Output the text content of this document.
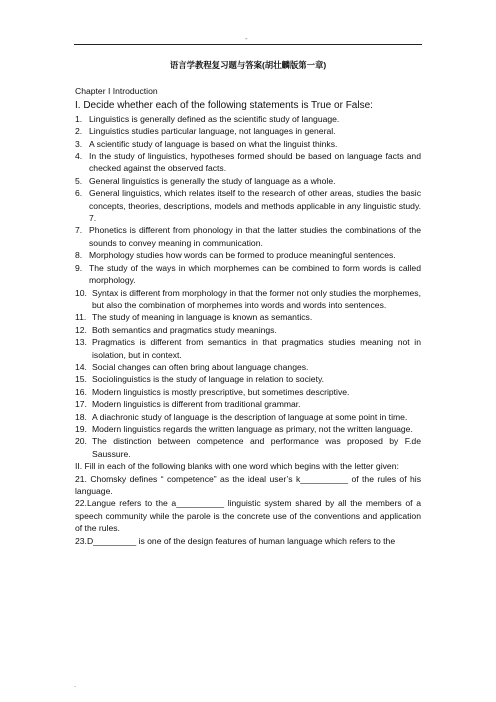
-
语言学教程复习题与答案(胡壮麟版第一章)
Chapter I Introduction
I. Decide whether each of the following statements is True or False:
1. Linguistics is generally defined as the scientific study of language.
2. Linguistics studies particular language, not languages in general.
3. A scientific study of language is based on what the linguist thinks.
4. In the study of linguistics, hypotheses formed should be based on language facts and checked against the observed facts.
5. General linguistics is generally the study of language as a whole.
6. General linguistics, which relates itself to the research of other areas, studies the basic concepts, theories, descriptions, models and methods applicable in any linguistic study. 7.
7. Phonetics is different from phonology in that the latter studies the combinations of the sounds to convey meaning in communication.
8. Morphology studies how words can be formed to produce meaningful sentences.
9. The study of the ways in which morphemes can be combined to form words is called morphology.
10. Syntax is different from morphology in that the former not only studies the morphemes, but also the combination of morphemes into words and words into sentences.
11. The study of meaning in language is known as semantics.
12. Both semantics and pragmatics study meanings.
13. Pragmatics is different from semantics in that pragmatics studies meaning not in isolation, but in context.
14. Social changes can often bring about language changes.
15. Sociolinguistics is the study of language in relation to society.
16. Modern linguistics is mostly prescriptive, but sometimes descriptive.
17. Modern linguistics is different from traditional grammar.
18. A diachronic study of language is the description of language at some point in time.
19. Modern linguistics regards the written language as primary, not the written language.
20. The distinction between competence and performance was proposed by F.de Saussure.
II. Fill in each of the following blanks with one word which begins with the letter given:
21. Chomsky defines “ competence” as the ideal user’s k__________ of the rules of his language.
22.Langue refers to the a__________ linguistic system shared by all the members of a speech community while the parole is the concrete use of the conventions and application of the rules.
23.D_________ is one of the design features of human language which refers to the
.
